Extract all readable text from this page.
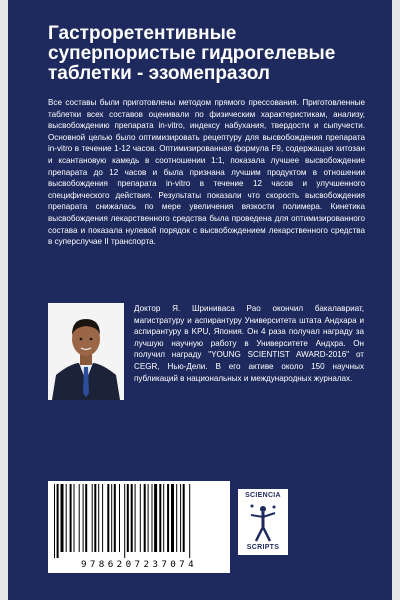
Гастроретентивные
суперпористые гидрогелевые
таблетки - эзомепразол
Все составы были приготовлены методом прямого прессования. Приготовленные таблетки всех составов оценивали по физическим характеристикам, анализу, высвобождению препарата in-vitro, индексу набухания, твердости и сыпучести. Основной целью было оптимизировать рецептуру для высвобождения препарата in-vitro в течение 1-12 часов. Оптимизированная формула F9, содержащая хитозан и ксантановую камедь в соотношении 1:1, показала лучшее высвобождение препарата до 12 часов и была признана лучшим продуктом в отношении высвобождения препарата in-vitro в течение 12 часов и улучшенного специфического действия. Результаты показали что скорость высвобождения препарата снижалась по мере увеличения вязкости полимера. Кинетика высвобождения лекарственного средства была проведена для оптимизированного состава и показала нулевой порядок с высвобождением лекарственного средства в суперслучае II транспорта.
Доктор Я. Шриниваса Рао окончил бакалавриат, магистратуру и аспирантуру Университета штата Андхара и аспирантуру в KPU, Япония. Он 4 раза получал награду за лучшую научную работу в Университете Андхра. Он получил награду "YOUNG SCIENTIST AWARD-2016" от CEGR, Нью-Дели. В его активе около 150 научных публикаций в национальных и международных журналах.
9786207237074
SCIENCIA
SCRIPTS
